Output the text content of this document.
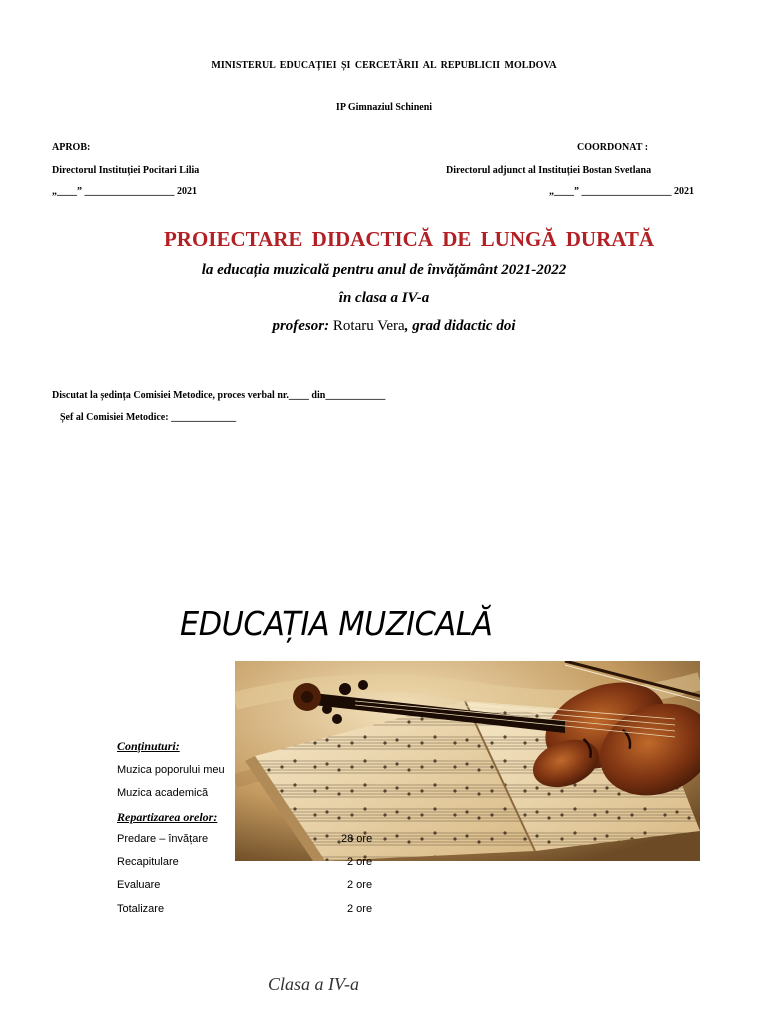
MINISTERUL EDUCAȚIEI ȘI CERCETĂRII AL REPUBLICII MOLDOVA
IP Gimnaziul Schineni
APROB:	COORDONAT :
Directorul Instituției Pocitari Lilia	Directorul adjunct al Instituției Bostan Svetlana
„____” __________________ 2021	„____” __________________ 2021
PROIECTARE DIDACTICĂ DE LUNGĂ DURATĂ
la educația muzicală pentru anul de învățământ 2021-2022
în clasa a IV-a
profesor: Rotaru Vera, grad didactic doi
Discutat la ședința Comisiei Metodice, proces verbal nr.____ din____________
Șef al Comisiei Metodice: _____________
EDUCAȚIA MUZICALĂ
Conținuturi:
Muzica poporului meu
Muzica academică
Repartizarea orelor:
Predare – învățare	28 ore
Recapitulare	2 ore
Evaluare	2 ore
Totalizare	2 ore
Clasa a IV-a
